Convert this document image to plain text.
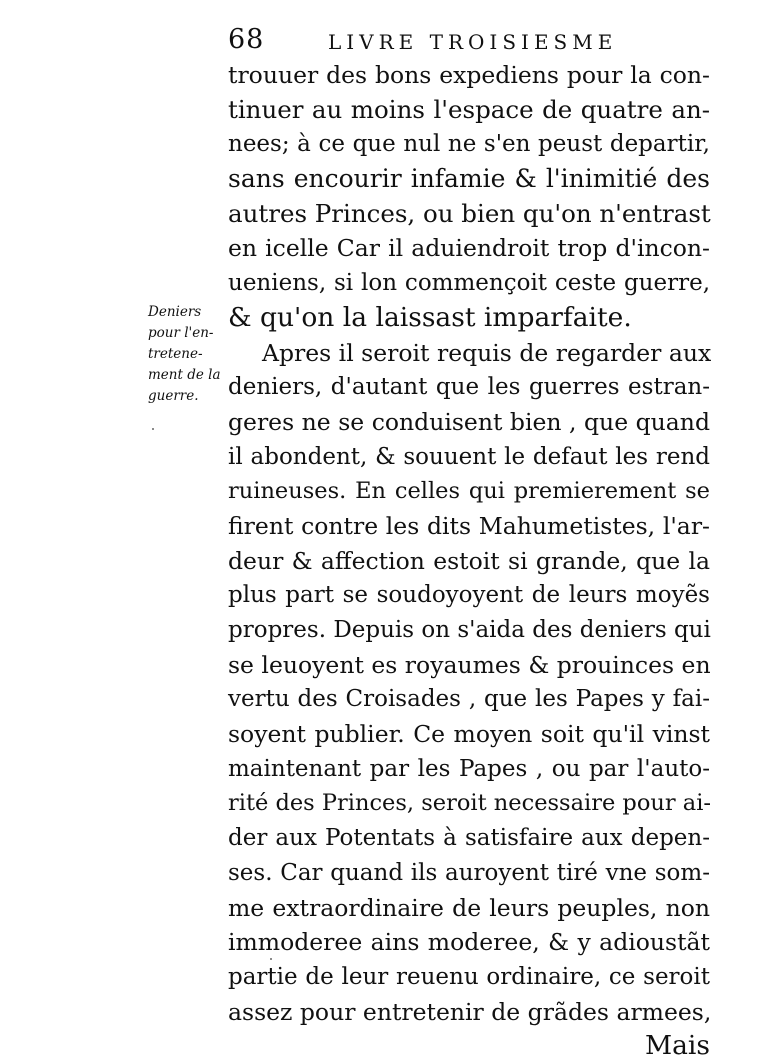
68	LIVRE TROISIESME
Deniers
pour l'en-
tretene-
ment de la
guerre.
trouuer des bons expediens pour la con-
tinuer au moins l'espace de quatre an-
nees; à ce que nul ne s'en peust departir,
sans encourir infamie & l'inimitié des
autres Princes, ou bien qu'on n'entrast
en icelle Car il aduiendroit trop d'incon-
ueniens, si lon commençoit ceste guerre,
& qu'on la laissast imparfaite.
Apres il seroit requis de regarder aux
deniers, d'autant que les guerres estran-
geres ne se conduisent bien , que quand
il abondent, & souuent le defaut les rend
ruineuses. En celles qui premierement se
firent contre les dits Mahumetistes, l'ar-
deur & affection estoit si grande, que la
plus part se soudoyoyent de leurs moyẽs
propres. Depuis on s'aida des deniers qui
se leuoyent es royaumes & prouinces en
vertu des Croisades , que les Papes y fai-
soyent publier. Ce moyen soit qu'il vinst
maintenant par les Papes , ou par l'auto-
rité des Princes, seroit necessaire pour ai-
der aux Potentats à satisfaire aux depen-
ses. Car quand ils auroyent tiré vne som-
me extraordinaire de leurs peuples, non
immoderee ains moderee, & y adioustãt
partie de leur reuenu ordinaire, ce seroit
assez pour entretenir de grãdes armees,
Mais
